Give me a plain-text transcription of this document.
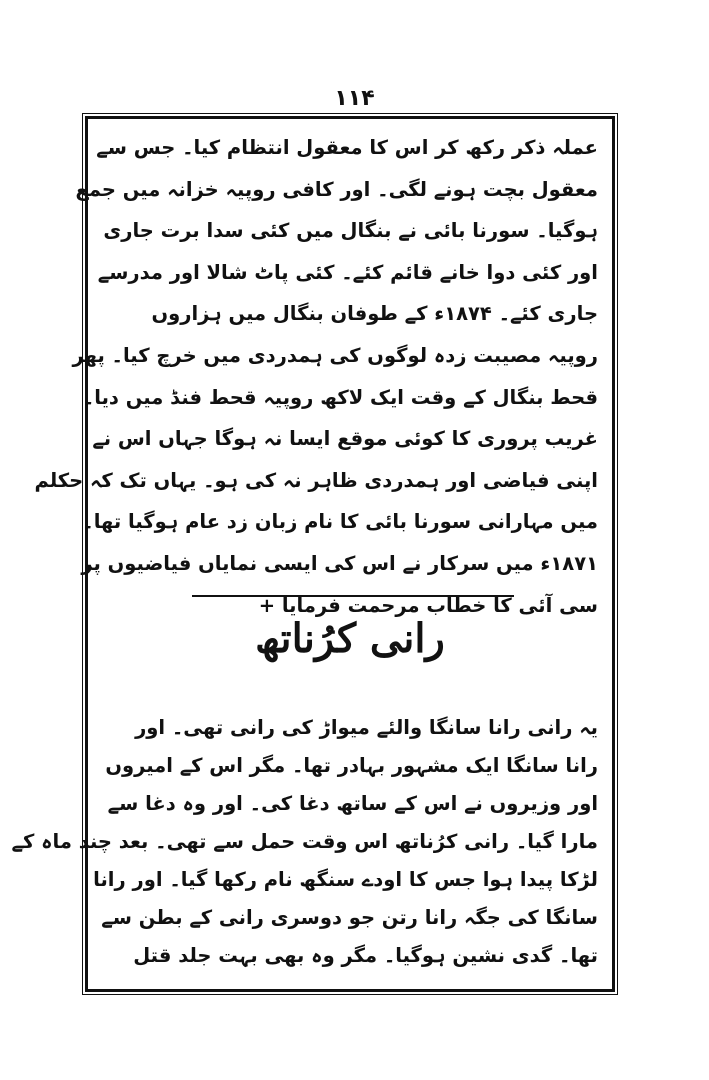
۱۱۴
عملہ ذکر رکھ کر اس کا معقول انتظام کیا۔ جس سے
معقول بچت ہونے لگی۔ اور کافی روپیہ خزانہ میں جمع
ہوگیا۔ سورنا بائی نے بنگال میں کئی سدا برت جاری
اور کئی دوا خانے قائم کئے۔ کئی پاٹ شالا اور مدرسے
جاری کئے۔ ۱۸۷۴ء کے طوفان بنگال میں ہزاروں
روپیہ مصیبت زدہ لوگوں کی ہمدردی میں خرچ کیا۔ پھر
قحط بنگال کے وقت ایک لاکھ روپیہ قحط فنڈ میں دیا۔
غریب پروری کا کوئی موقع ایسا نہ ہوگا جہاں اس نے
اپنی فیاضی اور ہمدردی ظاہر نہ کی ہو۔ یہاں تک کہ حکلم
میں مہارانی سورنا بائی کا نام زبان زد عام ہوگیا تھا۔
۱۸۷۱ء میں سرکار نے اس کی ایسی نمایاں فیاضیوں پر
سی آئی کا خطاب مرحمت فرمایا +
رانی کرُناتھ
یہ رانی رانا سانگا والئے میواڑ کی رانی تھی۔ اور
رانا سانگا ایک مشہور بہادر تھا۔ مگر اس کے امیروں
اور وزیروں نے اس کے ساتھ دغا کی۔ اور وہ دغا سے
مارا گیا۔ رانی کرُناتھ اس وقت حمل سے تھی۔ بعد چند ماہ کے
لڑکا پیدا ہوا جس کا اودے سنگھ نام رکھا گیا۔ اور رانا
سانگا کی جگہ رانا رتن جو دوسری رانی کے بطن سے
تھا۔ گدی نشین ہوگیا۔ مگر وہ بھی بہت جلد قتل
